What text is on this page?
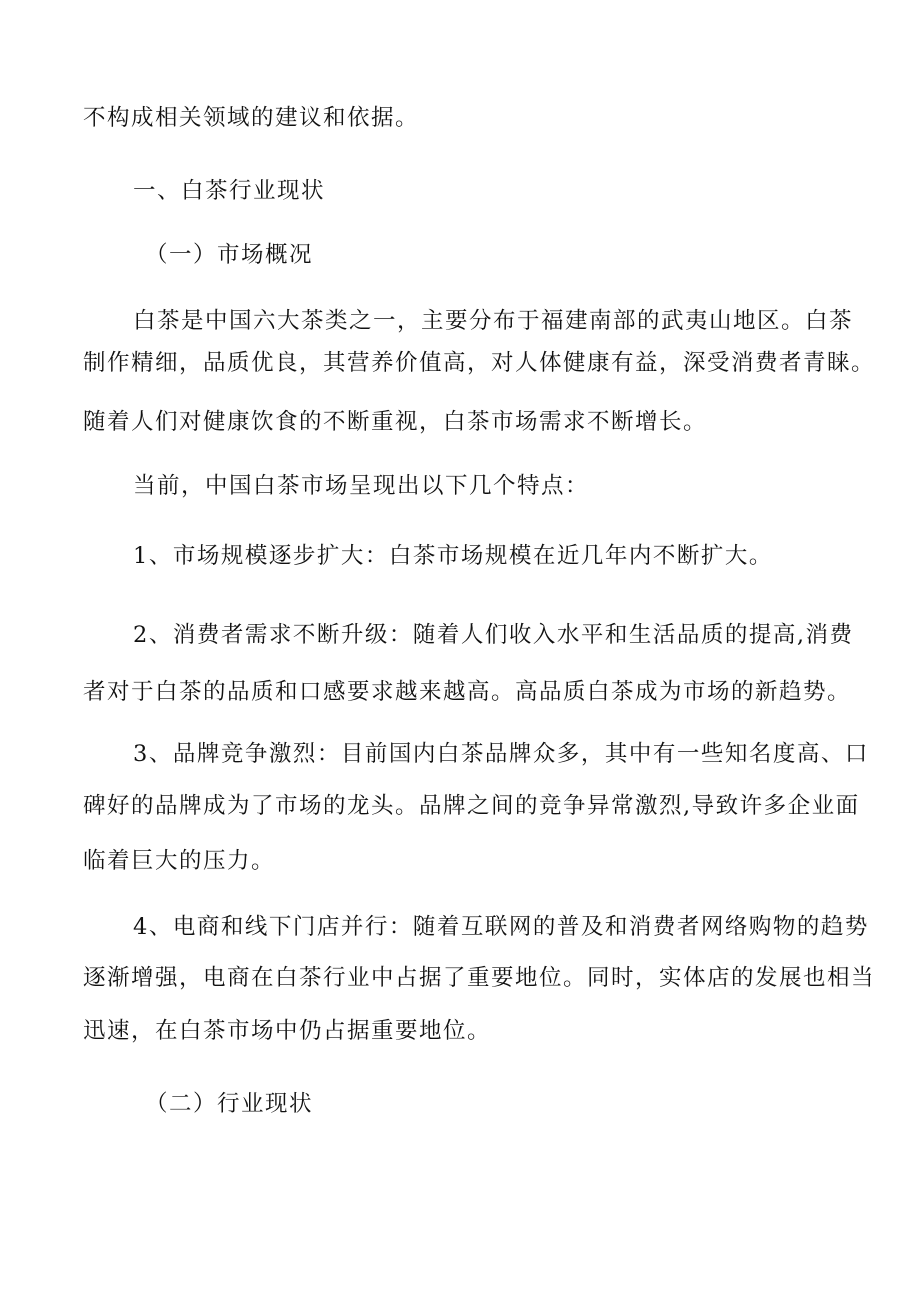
不构成相关领域的建议和依据。
一、白茶行业现状
（一）市场概况
白茶是中国六大茶类之一，主要分布于福建南部的武夷山地区。白茶
制作精细，品质优良，其营养价值高，对人体健康有益，深受消费者青睐。
随着人们对健康饮食的不断重视，白茶市场需求不断增长。
当前，中国白茶市场呈现出以下几个特点：
1、市场规模逐步扩大：白茶市场规模在近几年内不断扩大。
2、消费者需求不断升级：随着人们收入水平和生活品质的提高,消费
者对于白茶的品质和口感要求越来越高。高品质白茶成为市场的新趋势。
3、品牌竞争激烈：目前国内白茶品牌众多，其中有一些知名度高、口
碑好的品牌成为了市场的龙头。品牌之间的竞争异常激烈,导致许多企业面
临着巨大的压力。
4、电商和线下门店并行：随着互联网的普及和消费者网络购物的趋势
逐渐增强，电商在白茶行业中占据了重要地位。同时，实体店的发展也相当
迅速，在白茶市场中仍占据重要地位。
（二）行业现状
